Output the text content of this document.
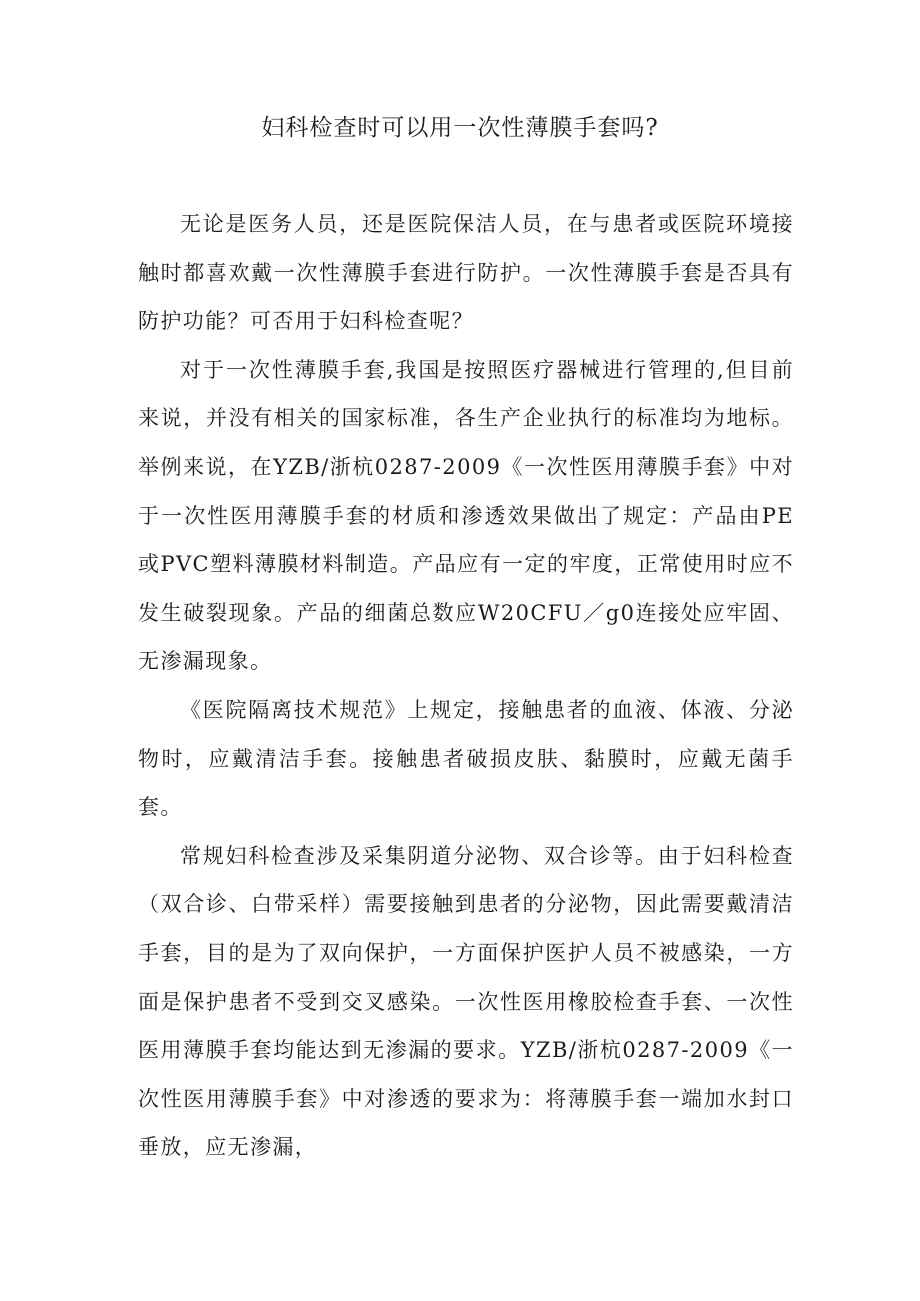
妇科检查时可以用一次性薄膜手套吗?

无论是医务人员，还是医院保洁人员，在与患者或医院环境接触时都喜欢戴一次性薄膜手套进行防护。一次性薄膜手套是否具有防护功能？可否用于妇科检查呢？

对于一次性薄膜手套,我国是按照医疗器械进行管理的,但目前来说，并没有相关的国家标准，各生产企业执行的标准均为地标。举例来说，在YZB/浙杭0287-2009《一次性医用薄膜手套》中对于一次性医用薄膜手套的材质和渗透效果做出了规定：产品由PE或PVC塑料薄膜材料制造。产品应有一定的牢度，正常使用时应不发生破裂现象。产品的细菌总数应W20CFU／g0连接处应牢固、无渗漏现象。

《医院隔离技术规范》上规定，接触患者的血液、体液、分泌物时，应戴清洁手套。接触患者破损皮肤、黏膜时，应戴无菌手套。

常规妇科检查涉及采集阴道分泌物、双合诊等。由于妇科检查（双合诊、白带采样）需要接触到患者的分泌物，因此需要戴清洁手套，目的是为了双向保护，一方面保护医护人员不被感染，一方面是保护患者不受到交叉感染。一次性医用橡胶检查手套、一次性医用薄膜手套均能达到无渗漏的要求。YZB/浙杭0287-2009《一次性医用薄膜手套》中对渗透的要求为：将薄膜手套一端加水封口垂放，应无渗漏，
